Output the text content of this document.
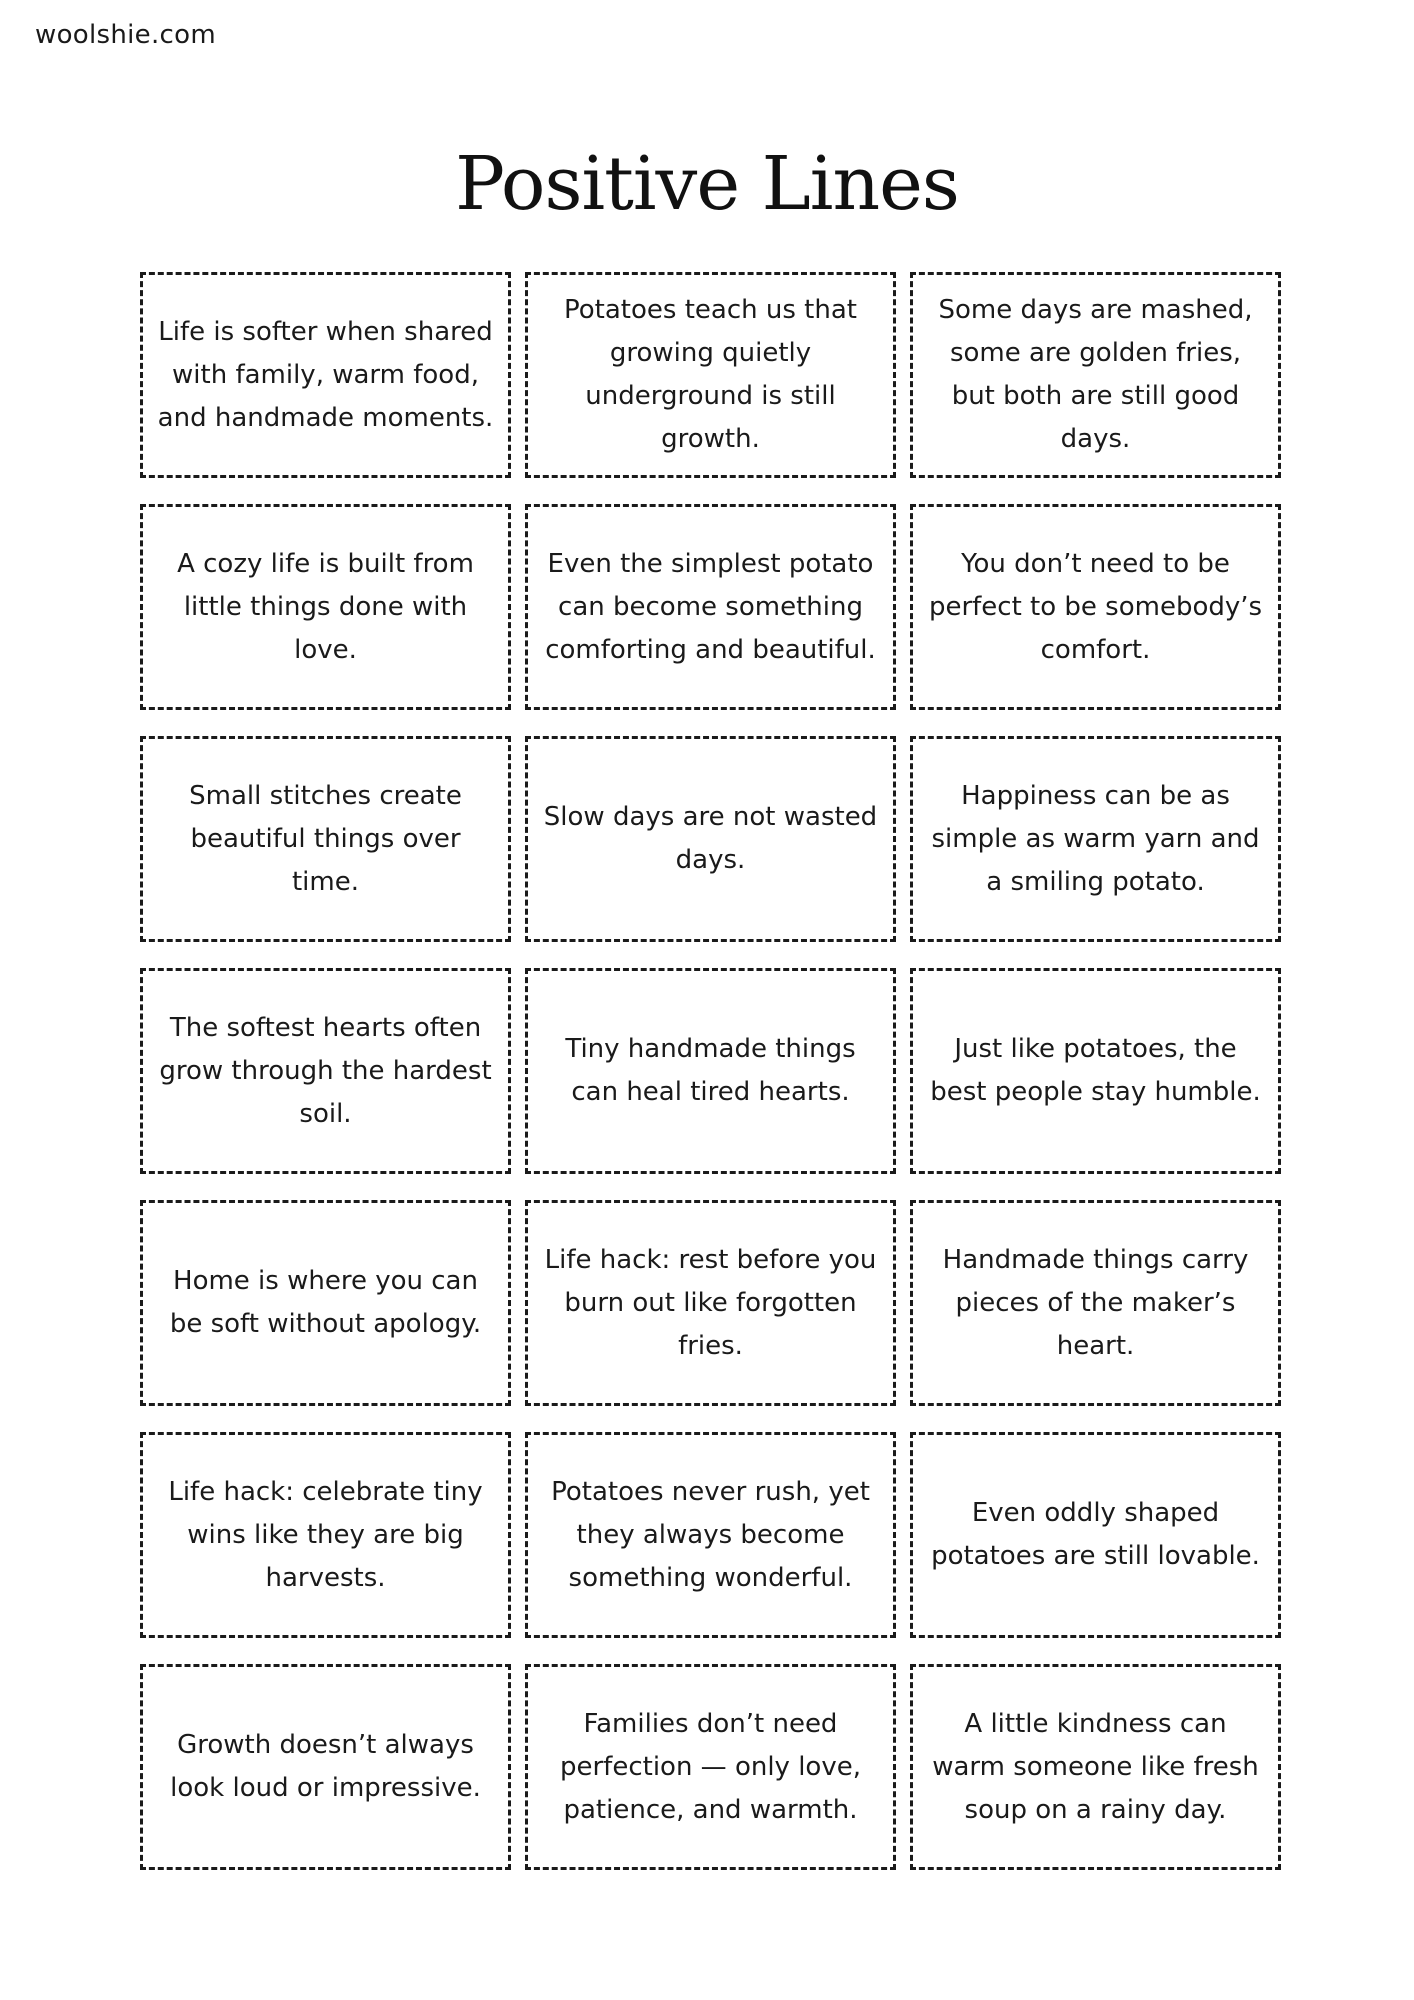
woolshie.com
Positive Lines
Life is softer when shared with family, warm food, and handmade moments.
Potatoes teach us that growing quietly underground is still growth.
Some days are mashed, some are golden fries, but both are still good days.
A cozy life is built from little things done with love.
Even the simplest potato can become something comforting and beautiful.
You don’t need to be perfect to be somebody’s comfort.
Small stitches create beautiful things over time.
Slow days are not wasted days.
Happiness can be as simple as warm yarn and a smiling potato.
The softest hearts often grow through the hardest soil.
Tiny handmade things can heal tired hearts.
Just like potatoes, the best people stay humble.
Home is where you can be soft without apology.
Life hack: rest before you burn out like forgotten fries.
Handmade things carry pieces of the maker’s heart.
Life hack: celebrate tiny wins like they are big harvests.
Potatoes never rush, yet they always become something wonderful.
Even oddly shaped potatoes are still lovable.
Growth doesn’t always look loud or impressive.
Families don’t need perfection — only love, patience, and warmth.
A little kindness can warm someone like fresh soup on a rainy day.
